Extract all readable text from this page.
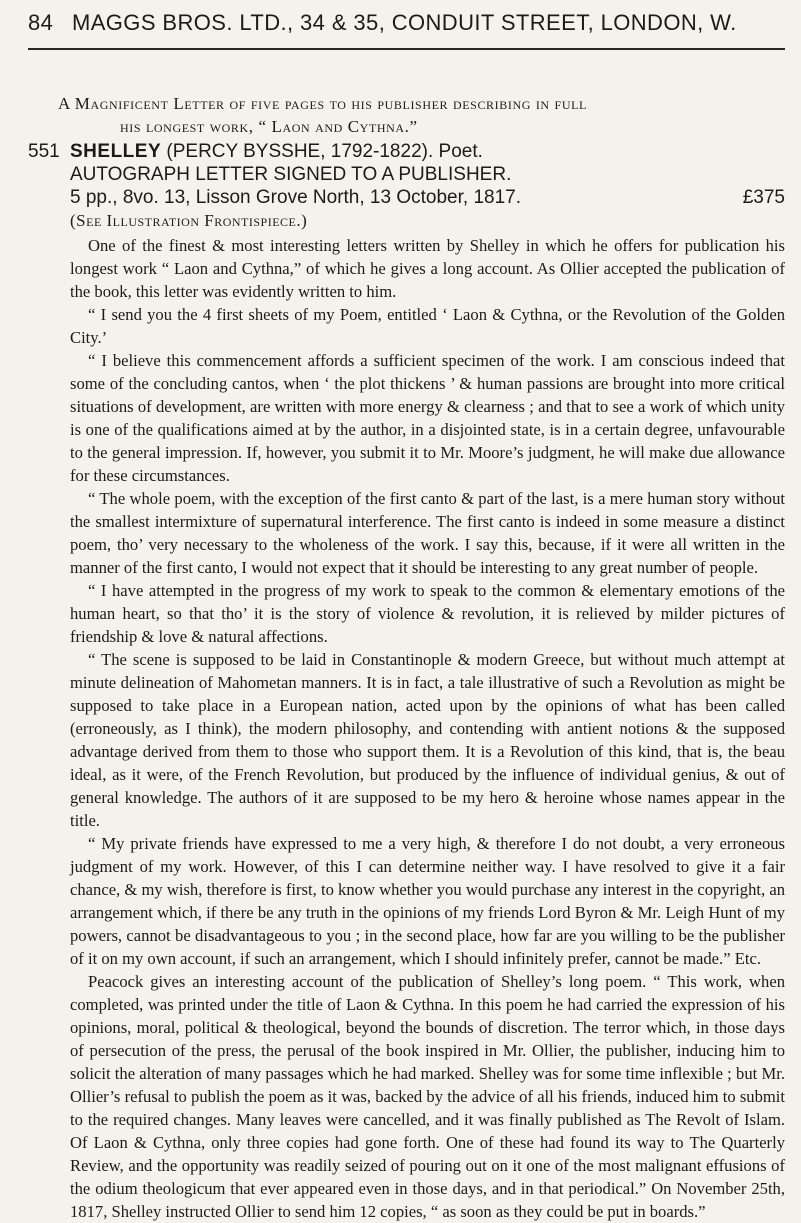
84 MAGGS BROS. LTD., 34 & 35, CONDUIT STREET, LONDON, W.
A Magnificent Letter of five pages to his publisher describing in full
his longest work, “ Laon and Cythna.”
551 SHELLEY (PERCY BYSSHE, 1792-1822). Poet.
AUTOGRAPH LETTER SIGNED TO A PUBLISHER.
5 pp., 8vo. 13, Lisson Grove North, 13 October, 1817.	£375
(See Illustration Frontispiece.)

One of the finest & most interesting letters written by Shelley in which he offers for publication his longest work “ Laon and Cythna,” of which he gives a long account. As Ollier accepted the publication of the book, this letter was evidently written to him.

“ I send you the 4 first sheets of my Poem, entitled ‘ Laon & Cythna, or the Revolution of the Golden City.’

“ I believe this commencement affords a sufficient specimen of the work. I am conscious indeed that some of the concluding cantos, when ‘ the plot thickens ’ & human passions are brought into more critical situations of development, are written with more energy & clearness ; and that to see a work of which unity is one of the qualifications aimed at by the author, in a disjointed state, is in a certain degree, unfavourable to the general impression. If, however, you submit it to Mr. Moore’s judgment, he will make due allowance for these circumstances.

“ The whole poem, with the exception of the first canto & part of the last, is a mere human story without the smallest intermixture of supernatural interference. The first canto is indeed in some measure a distinct poem, tho’ very necessary to the wholeness of the work. I say this, because, if it were all written in the manner of the first canto, I would not expect that it should be interesting to any great number of people.

“ I have attempted in the progress of my work to speak to the common & elementary emotions of the human heart, so that tho’ it is the story of violence & revolution, it is relieved by milder pictures of friendship & love & natural affections.

“ The scene is supposed to be laid in Constantinople & modern Greece, but without much attempt at minute delineation of Mahometan manners. It is in fact, a tale illustrative of such a Revolution as might be supposed to take place in a European nation, acted upon by the opinions of what has been called (erroneously, as I think), the modern philosophy, and contending with antient notions & the supposed advantage derived from them to those who support them. It is a Revolution of this kind, that is, the beau ideal, as it were, of the French Revolution, but produced by the influence of individual genius, & out of general knowledge. The authors of it are supposed to be my hero & heroine whose names appear in the title.

“ My private friends have expressed to me a very high, & therefore I do not doubt, a very erroneous judgment of my work. However, of this I can determine neither way. I have resolved to give it a fair chance, & my wish, therefore is first, to know whether you would purchase any interest in the copyright, an arrangement which, if there be any truth in the opinions of my friends Lord Byron & Mr. Leigh Hunt of my powers, cannot be disadvantageous to you ; in the second place, how far are you willing to be the publisher of it on my own account, if such an arrangement, which I should infinitely prefer, cannot be made.” Etc.

Peacock gives an interesting account of the publication of Shelley’s long poem. “ This work, when completed, was printed under the title of Laon & Cythna. In this poem he had carried the expression of his opinions, moral, political & theological, beyond the bounds of discretion. The terror which, in those days of persecution of the press, the perusal of the book inspired in Mr. Ollier, the publisher, inducing him to solicit the alteration of many passages which he had marked. Shelley was for some time inflexible ; but Mr. Ollier’s refusal to publish the poem as it was, backed by the advice of all his friends, induced him to submit to the required changes. Many leaves were cancelled, and it was finally published as The Revolt of Islam. Of Laon & Cythna, only three copies had gone forth. One of these had found its way to The Quarterly Review, and the opportunity was readily seized of pouring out on it one of the most malignant effusions of the odium theologicum that ever appeared even in those days, and in that periodical.” On November 25th, 1817, Shelley instructed Ollier to send him 12 copies, “ as soon as they could be put in boards.”
